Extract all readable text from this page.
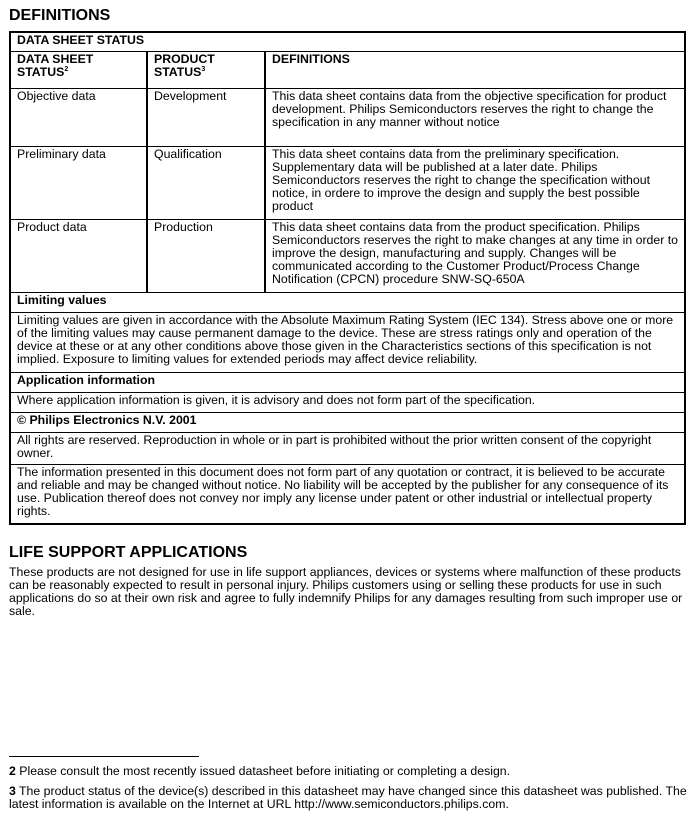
DEFINITIONS
DATA SHEET STATUS		
DATA SHEET STATUS$^2$	PRODUCT STATUS$^3$	DEFINITIONS
Objective data	Development	This data sheet contains data from the objective specification for product development. Philips Semiconductors reserves the right to change the specification in any manner without notice
Preliminary data	Qualification	This data sheet contains data from the preliminary specification. Supplementary data will be published at a later date. Philips Semiconductors reserves the right to change the specification without notice, in ordere to improve the design and supply the best possible product
Product data	Production	This data sheet contains data from the product specification. Philips Semiconductors reserves the right to make changes at any time in order to improve the design, manufacturing and supply. Changes will be communicated according to the Customer Product/Process Change Notification (CPCN) procedure SNW-SQ-650A
Limiting values		
Limiting values are given in accordance with the Absolute Maximum Rating System (IEC 134). Stress above one or more of the limiting values may cause permanent damage to the device. These are stress ratings only and operation of the device at these or at any other conditions above those given in the Characteristics sections of this specification is not implied. Exposure to limiting values for extended periods may affect device reliability.		
Application information		
Where application information is given, it is advisory and does not form part of the specification.		
© Philips Electronics N.V. 2001		
All rights are reserved. Reproduction in whole or in part is prohibited without the prior written consent of the copyright owner.		
The information presented in this document does not form part of any quotation or contract, it is believed to be accurate and reliable and may be changed without notice. No liability will be accepted by the publisher for any consequence of its use. Publication thereof does not convey nor imply any license under patent or other industrial or intellectual property rights.		
LIFE SUPPORT APPLICATIONS
These products are not designed for use in life support appliances, devices or systems where malfunction of these products can be reasonably expected to result in personal injury. Philips customers using or selling these products for use in such applications do so at their own risk and agree to fully indemnify Philips for any damages resulting from such improper use or sale.
2 Please consult the most recently issued datasheet before initiating or completing a design.
3 The product status of the device(s) described in this datasheet may have changed since this datasheet was published. The latest information is available on the Internet at URL http://www.semiconductors.philips.com.
